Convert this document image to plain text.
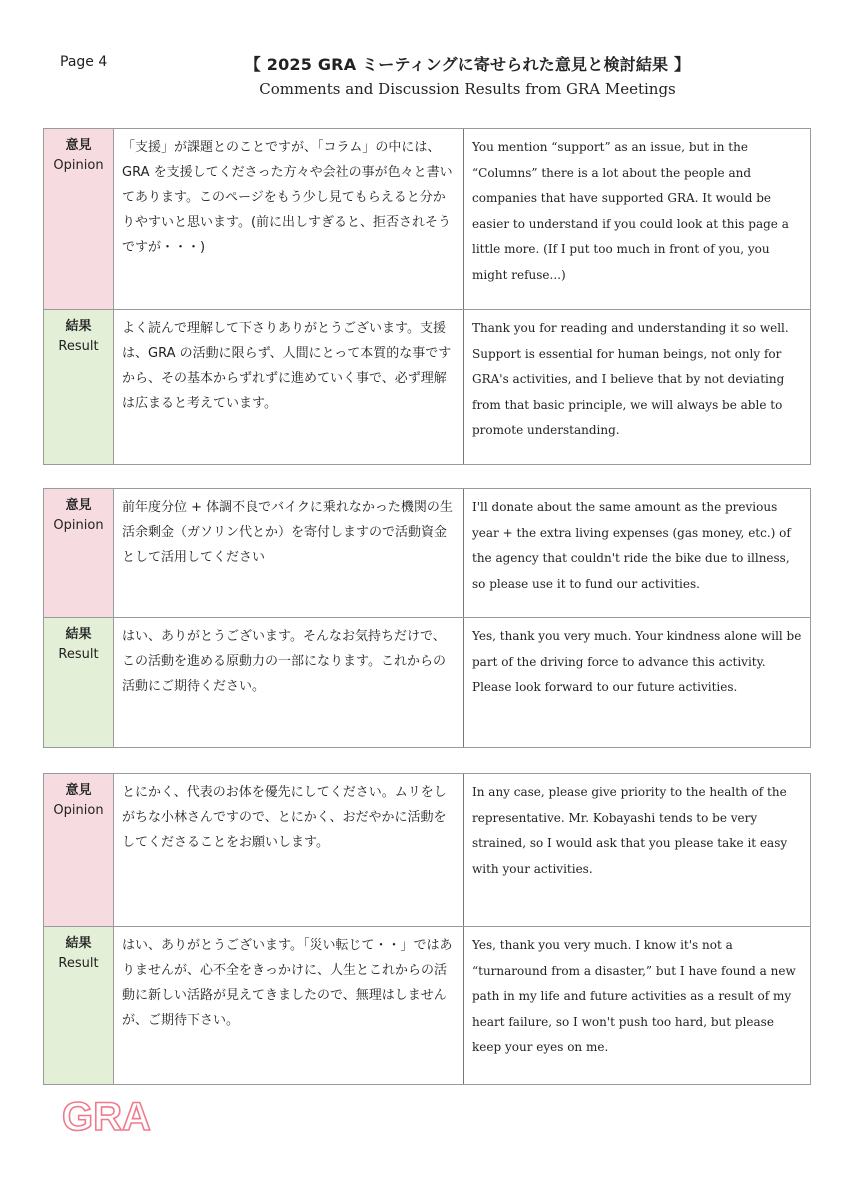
Page 4	【 2025 GRA ミーティングに寄せられた意見と検討結果 】
Comments and Discussion Results from GRA Meetings
意見
Opinion
「支援」が課題とのことですが、「コラム」の中には、GRA を支援してくださった方々や会社の事が色々と書いてあります。このページをもう少し見てもらえると分かりやすいと思います。(前に出しすぎると、拒否されそうですが・・・)
You mention “support” as an issue, but in the “Columns” there is a lot about the people and companies that have supported GRA. It would be easier to understand if you could look at this page a little more. (If I put too much in front of you, you might refuse...)
結果
Result
よく読んで理解して下さりありがとうございます。支援は、GRA の活動に限らず、人間にとって本質的な事ですから、その基本からずれずに進めていく事で、必ず理解は広まると考えています。
Thank you for reading and understanding it so well. Support is essential for human beings, not only for GRA's activities, and I believe that by not deviating from that basic principle, we will always be able to promote understanding.
意見
Opinion
前年度分位 + 体調不良でバイクに乗れなかった機関の生活余剰金（ガソリン代とか）を寄付しますので活動資金として活用してください
I'll donate about the same amount as the previous year + the extra living expenses (gas money, etc.) of the agency that couldn't ride the bike due to illness, so please use it to fund our activities.
結果
Result
はい、ありがとうございます。そんなお気持ちだけで、この活動を進める原動力の一部になります。これからの活動にご期待ください。
Yes, thank you very much. Your kindness alone will be part of the driving force to advance this activity. Please look forward to our future activities.
意見
Opinion
とにかく、代表のお体を優先にしてください。ムリをしがちな小林さんですので、とにかく、おだやかに活動をしてくださることをお願いします。
In any case, please give priority to the health of the representative. Mr. Kobayashi tends to be very strained, so I would ask that you please take it easy with your activities.
結果
Result
はい、ありがとうございます。「災い転じて・・」ではありませんが、心不全をきっかけに、人生とこれからの活動に新しい活路が見えてきましたので、無理はしませんが、ご期待下さい。
Yes, thank you very much. I know it's not a “turnaround from a disaster,” but I have found a new path in my life and future activities as a result of my heart failure, so I won't push too hard, but please keep your eyes on me.
GRA
